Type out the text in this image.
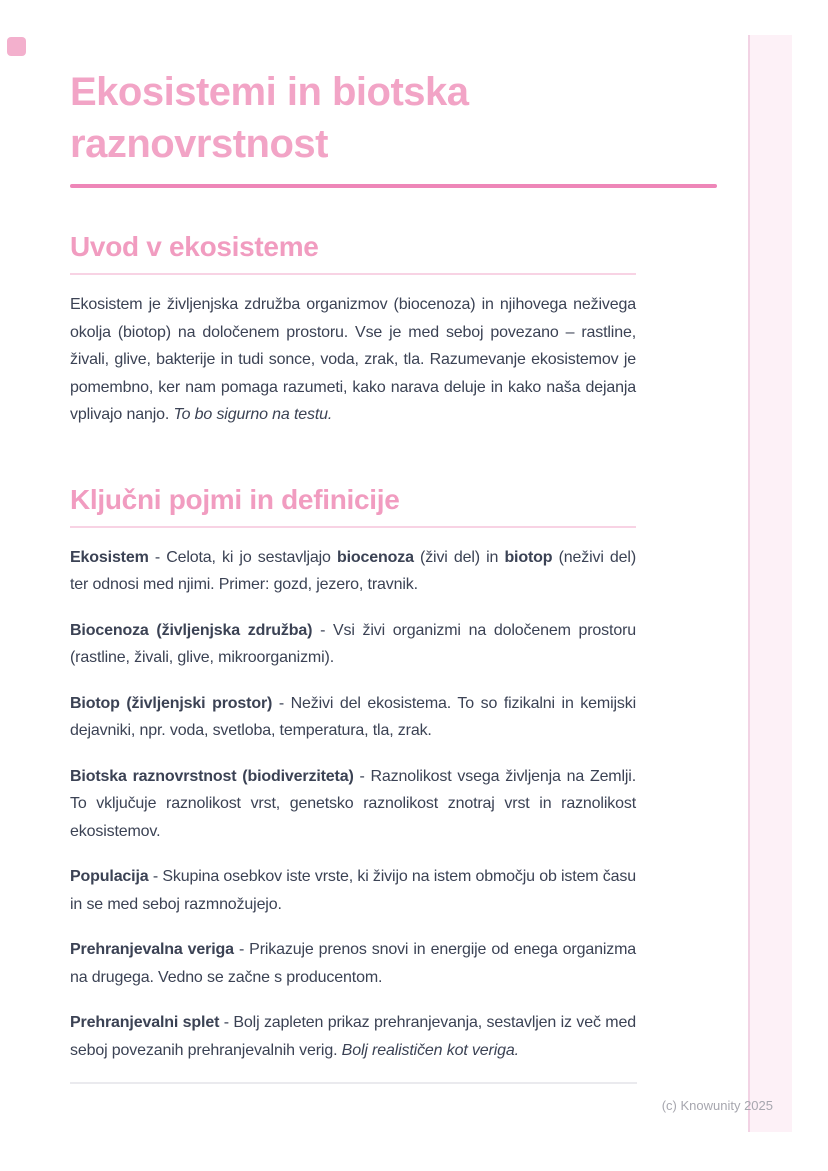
Ekosistemi in biotska raznovrstnost
Uvod v ekosisteme

Ekosistem je življenjska združba organizmov (biocenoza) in njihovega neživega okolja (biotop) na določenem prostoru. Vse je med seboj povezano – rastline, živali, glive, bakterije in tudi sonce, voda, zrak, tla. Razumevanje ekosistemov je pomembno, ker nam pomaga razumeti, kako narava deluje in kako naša dejanja vplivajo nanjo. To bo sigurno na testu.

Ključni pojmi in definicije

Ekosistem - Celota, ki jo sestavljajo biocenoza (živi del) in biotop (neživi del) ter odnosi med njimi. Primer: gozd, jezero, travnik.

Biocenoza (življenjska združba) - Vsi živi organizmi na določenem prostoru (rastline, živali, glive, mikroorganizmi).

Biotop (življenjski prostor) - Neživi del ekosistema. To so fizikalni in kemijski dejavniki, npr. voda, svetloba, temperatura, tla, zrak.

Biotska raznovrstnost (biodiverziteta) - Raznolikost vsega življenja na Zemlji. To vključuje raznolikost vrst, genetsko raznolikost znotraj vrst in raznolikost ekosistemov.

Populacija - Skupina osebkov iste vrste, ki živijo na istem območju ob istem času in se med seboj razmnožujejo.

Prehranjevalna veriga - Prikazuje prenos snovi in energije od enega organizma na drugega. Vedno se začne s producentom.

Prehranjevalni splet - Bolj zapleten prikaz prehranjevanja, sestavljen iz več med seboj povezanih prehranjevalnih verig. Bolj realističen kot veriga.

(c) Knowunity 2025
